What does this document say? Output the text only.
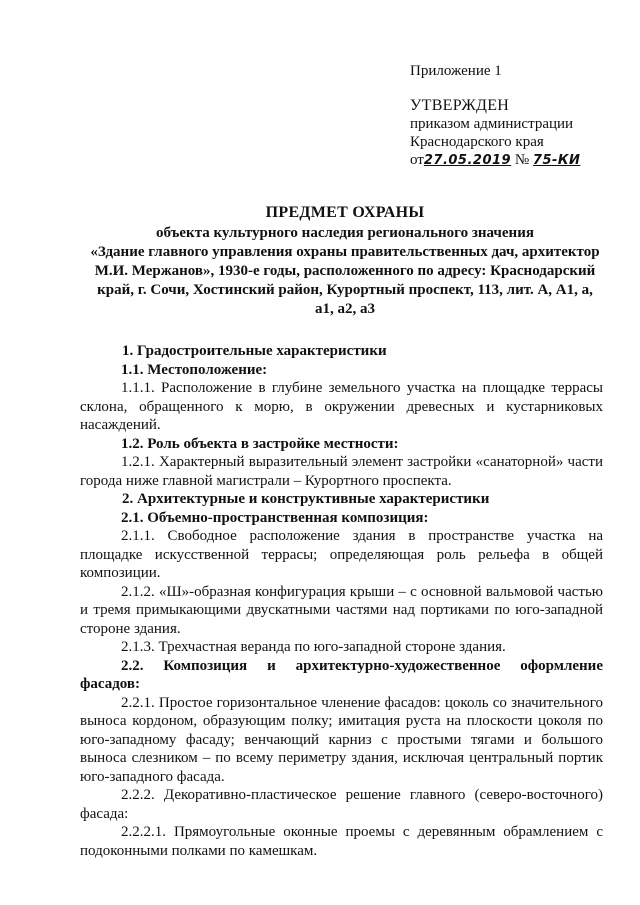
Приложение 1
УТВЕРЖДЕН
приказом администрации
Краснодарского края
от27.05.2019 № 75-КИ
ПРЕДМЕТ ОХРАНЫ
объекта культурного наследия регионального значения
«Здание главного управления охраны правительственных дач, архитектор
М.И. Мержанов», 1930-е годы, расположенного по адресу: Краснодарский
край, г. Сочи, Хостинский район, Курортный проспект, 113, лит. А, А1, а,
а1, а2, а3

1. Градостроительные характеристики

1.1. Местоположение:

1.1.1. Расположение в глубине земельного участка на площадке террасы склона, обращенного к морю, в окружении древесных и кустарниковых насаждений.

1.2. Роль объекта в застройке местности:

1.2.1. Характерный выразительный элемент застройки «санаторной» части города ниже главной магистрали – Курортного проспекта.

2. Архитектурные и конструктивные характеристики

2.1. Объемно-пространственная композиция:

2.1.1. Свободное расположение здания в пространстве участка на площадке искусственной террасы; определяющая роль рельефа в общей композиции.

2.1.2. «Ш»-образная конфигурация крыши – с основной вальмовой частью и тремя примыкающими двускатными частями над портиками по юго-западной стороне здания.

2.1.3. Трехчастная веранда по юго-западной стороне здания.

2.2. Композиция и архитектурно-художественное оформление

фасадов:

2.2.1. Простое горизонтальное членение фасадов: цоколь со значительного выноса кордоном, образующим полку; имитация руста на плоскости цоколя по юго-западному фасаду; венчающий карниз с простыми тягами и большого выноса слезником – по всему периметру здания, исключая центральный портик юго-западного фасада.

2.2.2. Декоративно-пластическое решение главного (северо-восточного) фасада:

2.2.2.1. Прямоугольные оконные проемы с деревянным обрамлением с подоконными полками по камешкам.
